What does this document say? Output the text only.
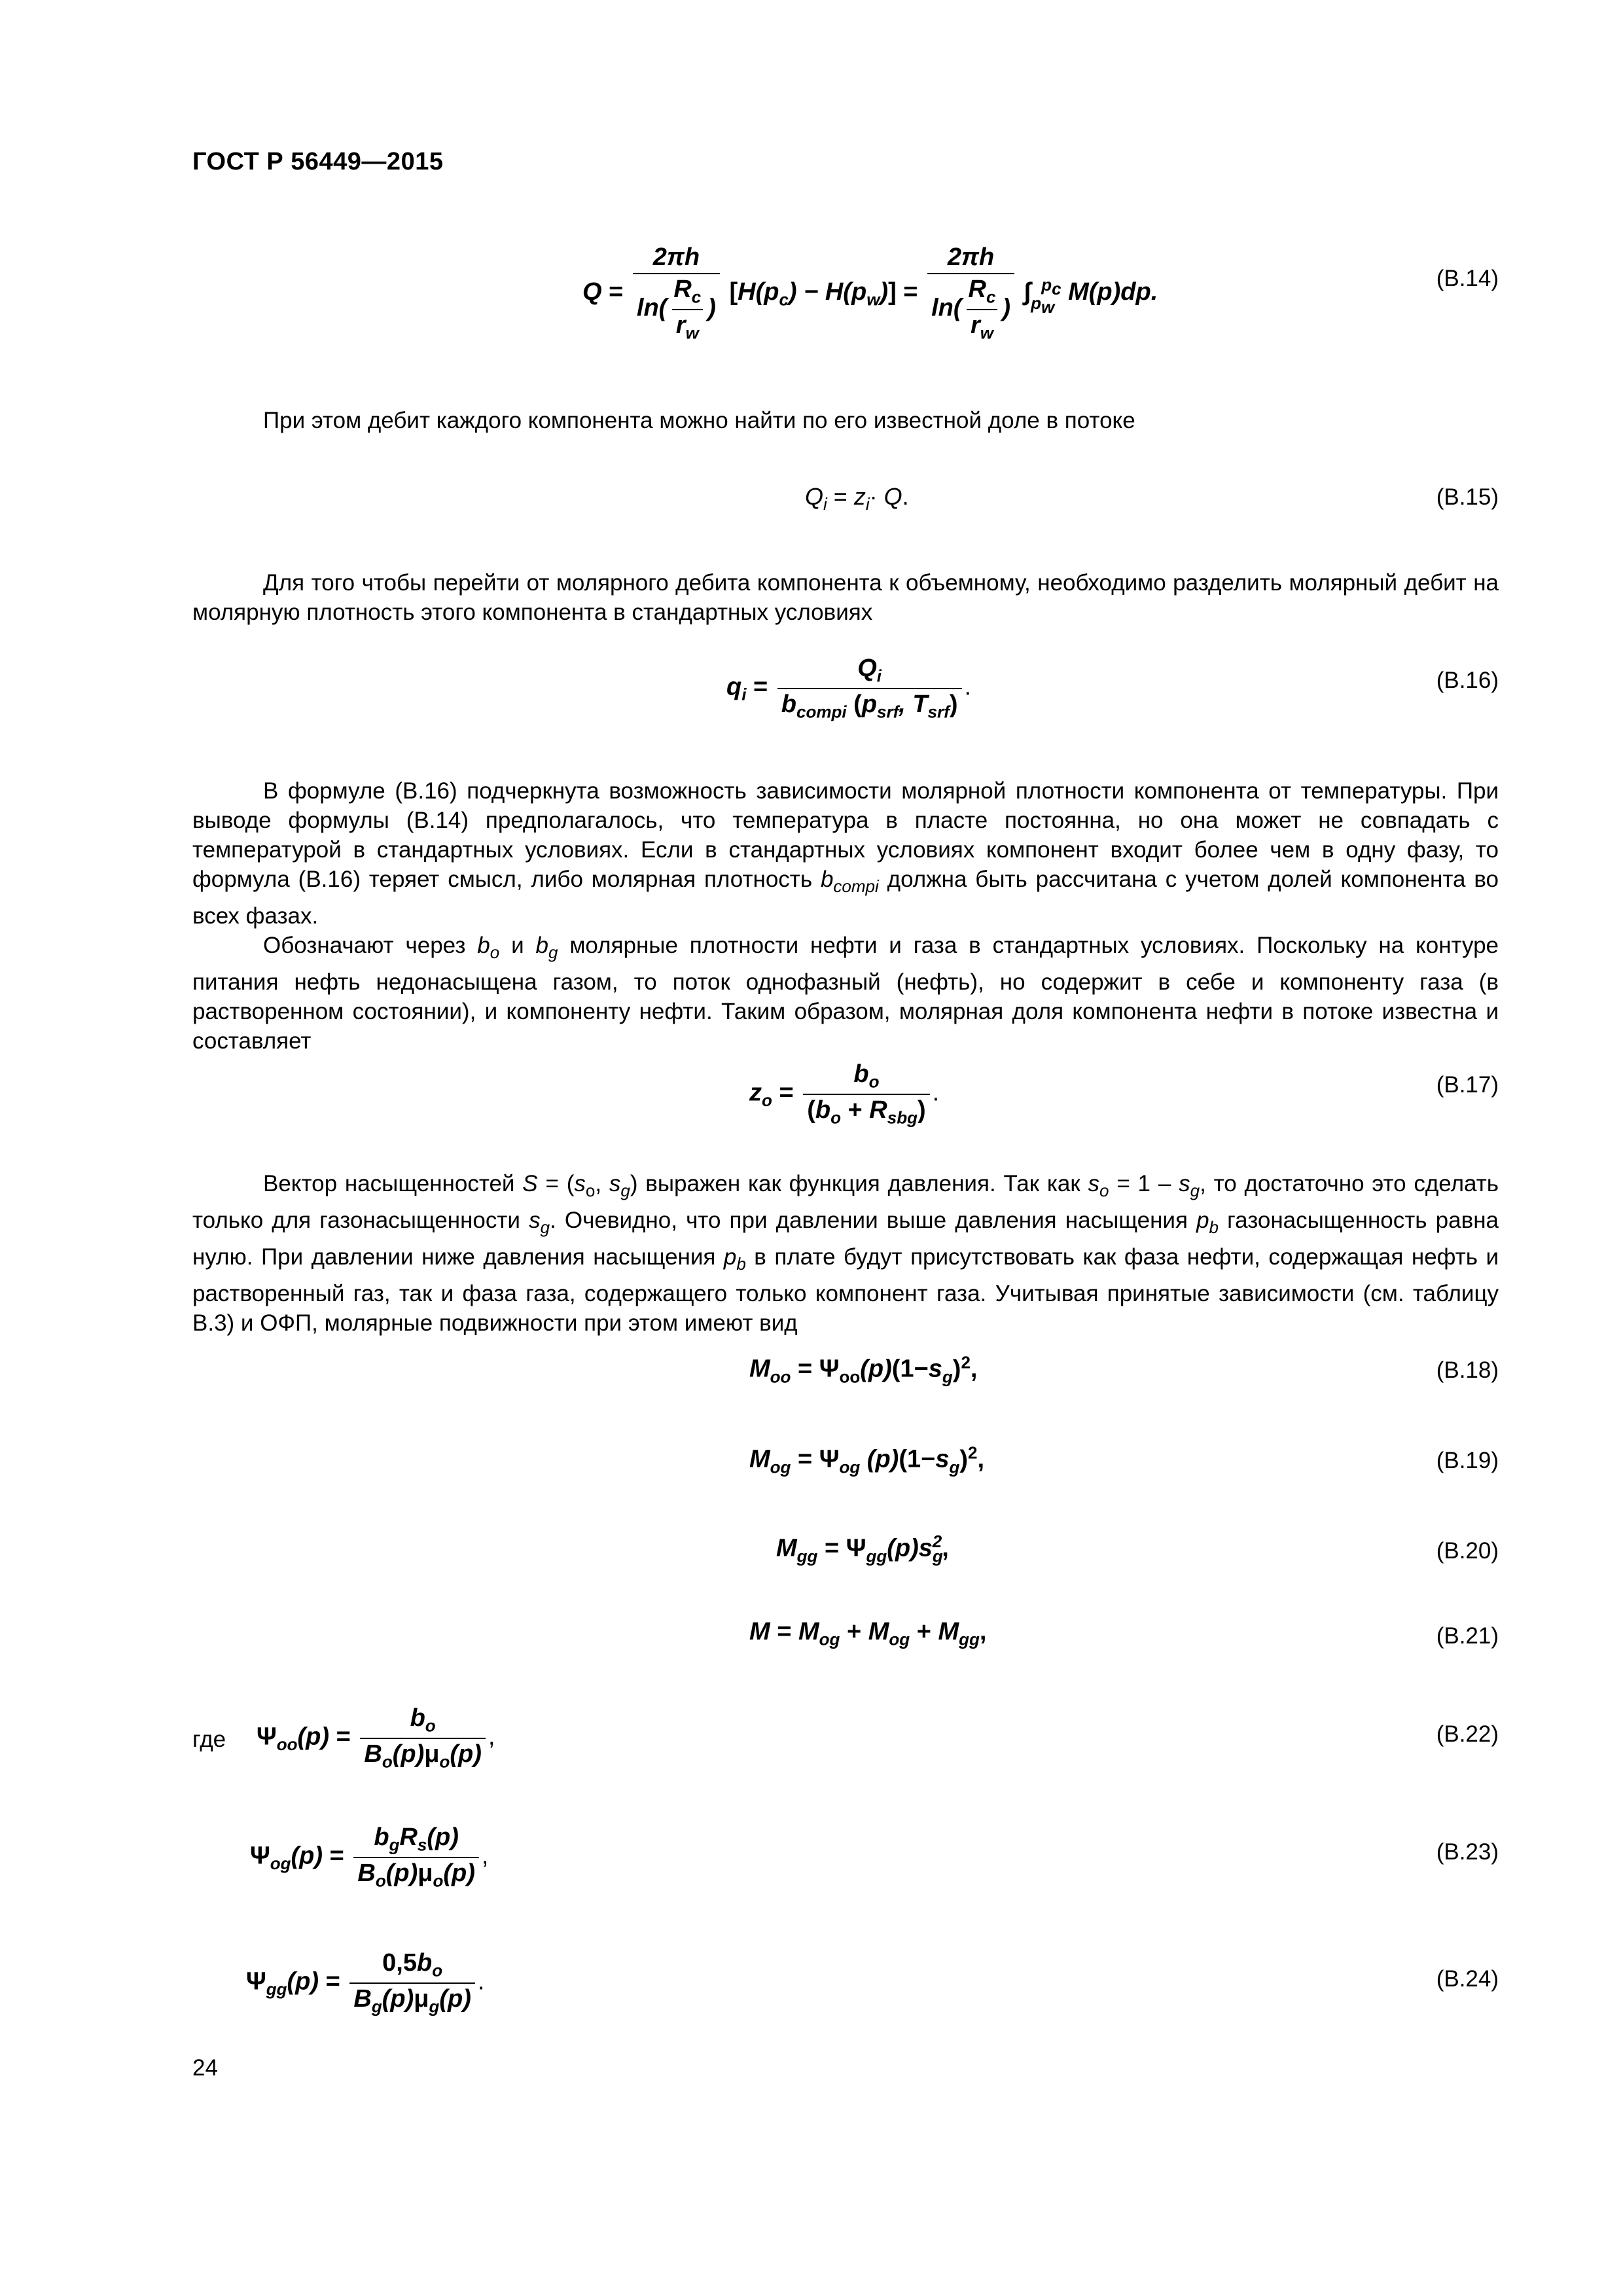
ГОСТ Р 56449—2015
$Q = \frac{2\pi h}{\ln( \frac{R_c}{r_w} )} [H(p_c) - H(p_w)] = \frac{2\pi h}{\ln( \frac{R_c}{r_w} )} \int_{p_w}^{p_c}$ M(p)dp.	(В.14)

При этом дебит каждого компонента можно найти по его известной доле в потоке

$Q_i = z_i\cdot Q$.	(В.15)

Для того чтобы перейти от молярного дебита компонента к объемному, необходимо разделить молярный дебит на молярную плотность этого компонента в стандартных условиях

$q_i = \frac{Q_i}{b_{compi} (p_{srf}, T_{srf})}$ .	(В.16)

В формуле (В.16) подчеркнута возможность зависимости молярной плотности компонента от температуры. При выводе формулы (В.14) предполагалось, что температура в пласте постоянна, но она может не совпадать с температурой в стандартных условиях. Если в стандартных условиях компонент входит более чем в одну фазу, то формула (В.16) теряет смысл, либо молярная плотность $b_{compi}$ должна быть рассчитана с учетом долей компонента во всех фазах.

Обозначают через $b_o$ и $b_g$ молярные плотности нефти и газа в стандартных условиях. Поскольку на контуре питания нефть недонасыщена газом, то поток однофазный (нефть), но содержит в себе и компоненту газа (в растворенном состоянии), и компоненту нефти. Таким образом, молярная доля компонента нефти в потоке известна и составляет

$z_o = \frac{b_o}{(b_o + R_{sbg})}$ .	(В.17)

Вектор насыщенностей $S = (s_o$, $s_g$) выражен как функция давления. Так как $s_o = 1 - s_g$, то достаточно это сделать только для газонасыщенности $s_g$. Очевидно, что при давлении выше давления насыщения $p_b$ газонасыщенность равна нулю. При давлении ниже давления насыщения $p_b$ в плате будут присутствовать как фаза нефти, содержащая нефть и растворенный газ, так и фаза газа, содержащего только компонент газа. Учитывая принятые зависимости (см. таблицу В.3) и ОФП, молярные подвижности при этом имеют вид

$M_{oo} = \Psi_{oo}(p)(1-s_g)^2$,	(В.18)
$M_{og} = \Psi_{og}$ $(p)(1-s_g)^2$,	(В.19)
$M_{gg} = \Psi_{gg}(p)s_g^2$,	(В.20)
$M = M_{og} + M_{og} + M_{gg}$,	(В.21)
где $\Psi_{oo}(p) = \frac{b_o}{B_o(p)\mu_o(p)}$ ,	(В.22)
$\Psi_{og}(p) = \frac{b_gR_s(p)}{B_o(p)\mu_o(p)}$ ,	(В.23)
$\Psi_{gg}(p) = \frac{0,5b_o}{B_g(p)\mu_g(p)}$ .	(В.24)
24
